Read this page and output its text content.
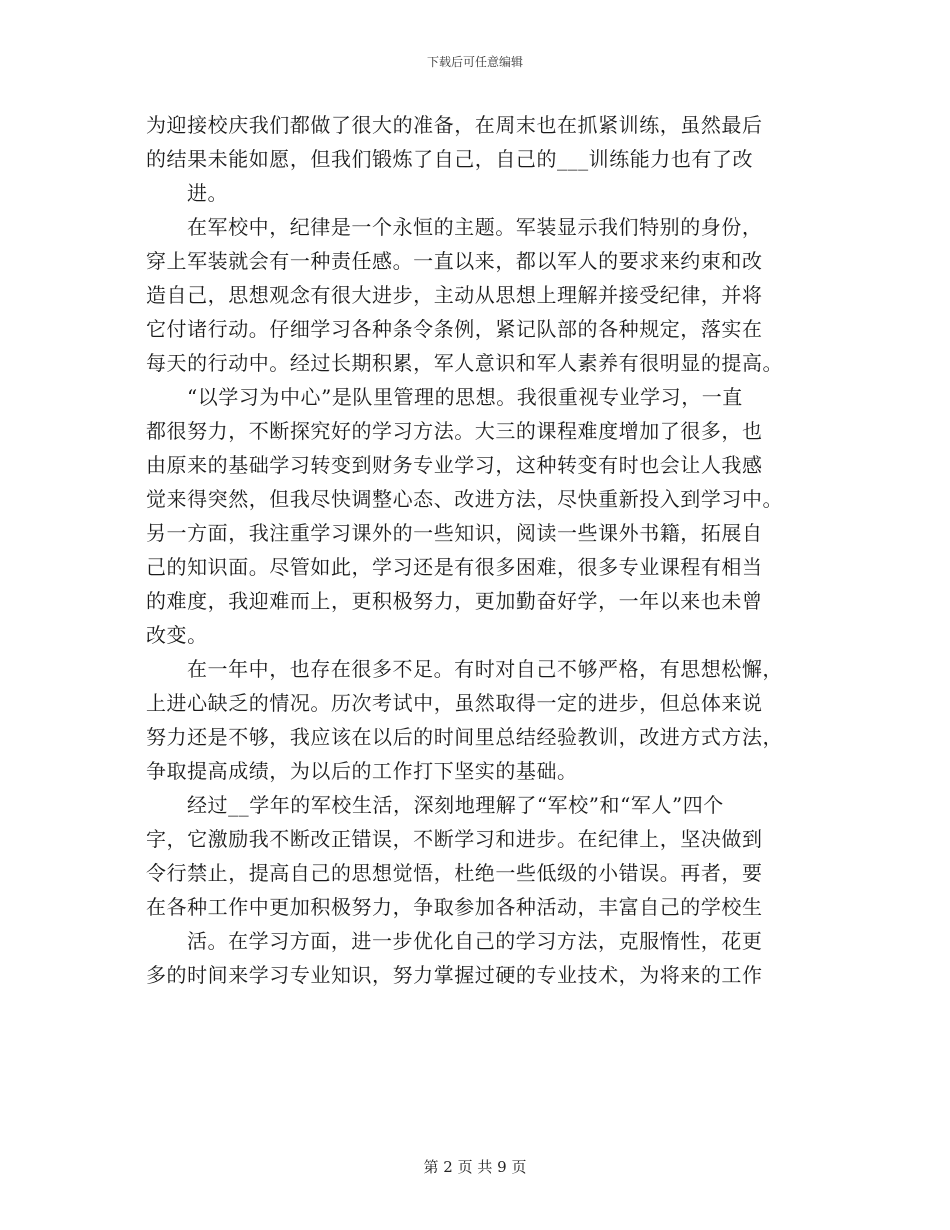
下载后可任意编辑
为迎接校庆我们都做了很大的准备，在周末也在抓紧训练，虽然最后
的结果未能如愿，但我们锻炼了自己，自己的___训练能力也有了改
进。
在军校中，纪律是一个永恒的主题。军装显示我们特别的身份，
穿上军装就会有一种责任感。一直以来，都以军人的要求来约束和改
造自己，思想观念有很大进步，主动从思想上理解并接受纪律，并将
它付诸行动。仔细学习各种条令条例，紧记队部的各种规定，落实在
每天的行动中。经过长期积累，军人意识和军人素养有很明显的提高。
“以学习为中心”是队里管理的思想。我很重视专业学习，一直
都很努力，不断探究好的学习方法。大三的课程难度增加了很多，也
由原来的基础学习转变到财务专业学习，这种转变有时也会让人我感
觉来得突然，但我尽快调整心态、改进方法，尽快重新投入到学习中。
另一方面，我注重学习课外的一些知识，阅读一些课外书籍，拓展自
己的知识面。尽管如此，学习还是有很多困难，很多专业课程有相当
的难度，我迎难而上，更积极努力，更加勤奋好学，一年以来也未曾
改变。
在一年中，也存在很多不足。有时对自己不够严格，有思想松懈，
上进心缺乏的情况。历次考试中，虽然取得一定的进步，但总体来说
努力还是不够，我应该在以后的时间里总结经验教训，改进方式方法，
争取提高成绩，为以后的工作打下坚实的基础。
经过__学年的军校生活，深刻地理解了“军校”和“军人”四个
字，它激励我不断改正错误，不断学习和进步。在纪律上，坚决做到
令行禁止，提高自己的思想觉悟，杜绝一些低级的小错误。再者，要
在各种工作中更加积极努力，争取参加各种活动，丰富自己的学校生
活。在学习方面，进一步优化自己的学习方法，克服惰性，花更
多的时间来学习专业知识，努力掌握过硬的专业技术，为将来的工作
第 2 页 共 9 页
